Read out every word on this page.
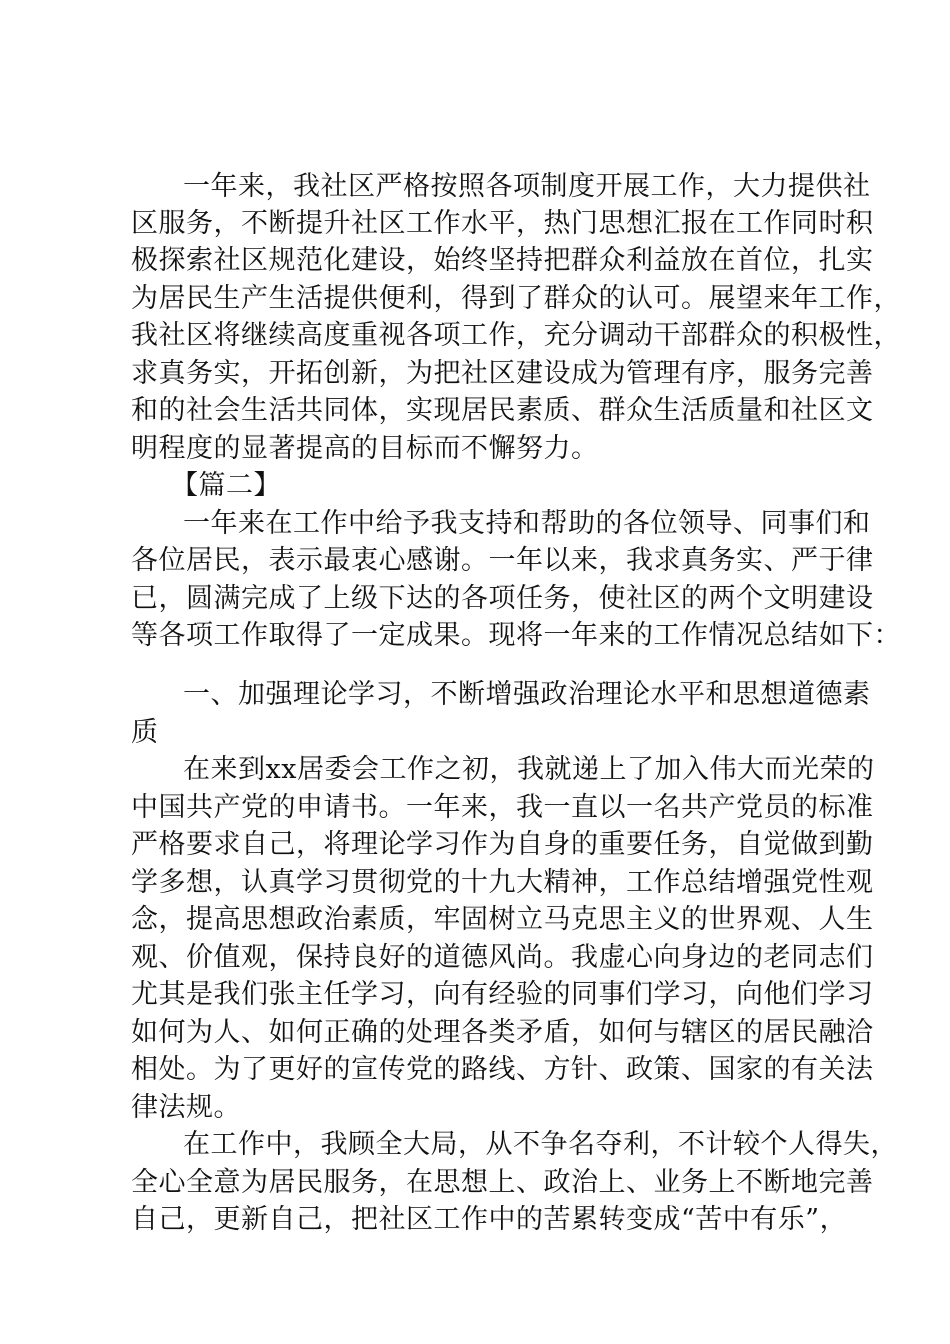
一年来，我社区严格按照各项制度开展工作，大力提供社
区服务，不断提升社区工作水平，热门思想汇报在工作同时积
极探索社区规范化建设，始终坚持把群众利益放在首位，扎实
为居民生产生活提供便利，得到了群众的认可。展望来年工作，
我社区将继续高度重视各项工作，充分调动干部群众的积极性，
求真务实，开拓创新，为把社区建设成为管理有序，服务完善
和的社会生活共同体，实现居民素质、群众生活质量和社区文
明程度的显著提高的目标而不懈努力。
【篇二】
一年来在工作中给予我支持和帮助的各位领导、同事们和
各位居民，表示最衷心感谢。一年以来，我求真务实、严于律
已，圆满完成了上级下达的各项任务，使社区的两个文明建设
等各项工作取得了一定成果。现将一年来的工作情况总结如下：
一、加强理论学习，不断增强政治理论水平和思想道德素
质
在来到xx居委会工作之初，我就递上了加入伟大而光荣的
中国共产党的申请书。一年来，我一直以一名共产党员的标准
严格要求自己，将理论学习作为自身的重要任务，自觉做到勤
学多想，认真学习贯彻党的十九大精神，工作总结增强党性观
念，提高思想政治素质，牢固树立马克思主义的世界观、人生
观、价值观，保持良好的道德风尚。我虚心向身边的老同志们
尤其是我们张主任学习，向有经验的同事们学习，向他们学习
如何为人、如何正确的处理各类矛盾，如何与辖区的居民融洽
相处。为了更好的宣传党的路线、方针、政策、国家的有关法
律法规。
在工作中，我顾全大局，从不争名夺利，不计较个人得失，
全心全意为居民服务，在思想上、政治上、业务上不断地完善
自己，更新自己，把社区工作中的苦累转变成“苦中有乐”，
